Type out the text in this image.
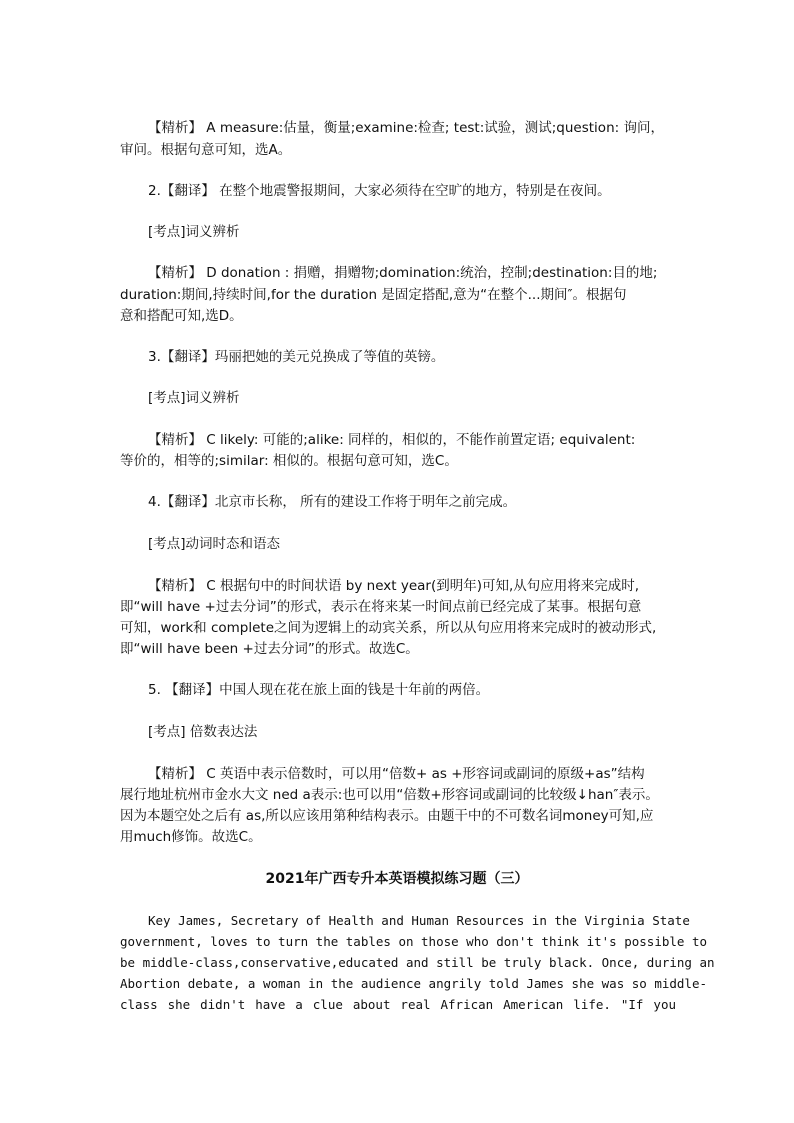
【精析】 A measure:估量，衡量;examine:检查; test:试验，测试;question: 询问，
审问。根据句意可知，选A。
2.【翻译】 在整个地震警报期间，大家必须待在空旷的地方，特别是在夜间。
[考点]词义辨析
【精析】 D donation : 捐赠，捐赠物;domination:统治，控制;destination:目的地;
duration:期间,持续时间,for the duration 是固定搭配,意为“在整个...期间″。根据句
意和搭配可知,选D。
3.【翻译】玛丽把她的美元兑换成了等值的英镑。
[考点]词义辨析
【精析】 C likely: 可能的;alike: 同样的，相似的，不能作前置定语; equivalent:
等价的，相等的;similar: 相似的。根据句意可知，选C。
4.【翻译】北京市长称， 所有的建设工作将于明年之前完成。
[考点]动词时态和语态
【精析】 C 根据句中的时间状语 by next year(到明年)可知,从句应用将来完成时,
即“will have +过去分词”的形式，表示在将来某一时间点前已经完成了某事。根据句意
可知，work和 complete之间为逻辑上的动宾关系，所以从句应用将来完成时的被动形式,
即“will have been +过去分词”的形式。故选C。
5. 【翻译】中国人现在花在旅上面的钱是十年前的两倍。
[考点] 倍数表达法
【精析】 C 英语中表示倍数时，可以用“倍数+ as +形容词或副词的原级+as”结构
展行地址杭州市金水大文 ned a表示:也可以用“倍数+形容词或副词的比较级↓han″表示。
因为本题空处之后有 as,所以应该用第种结构表示。由题干中的不可数名词money可知,应
用much修饰。故选C。
2021年广西专升本英语模拟练习题（三）
Key James, Secretary of Health and Human Resources in the Virginia State
government, loves to turn the tables on those who don't think it's possible to
be middle-class,conservative,educated and still be truly black. Once, during an
Abortion debate, a woman in the audience angrily told James she was so middle-
class she didn't have a clue about real African American life. "If you
